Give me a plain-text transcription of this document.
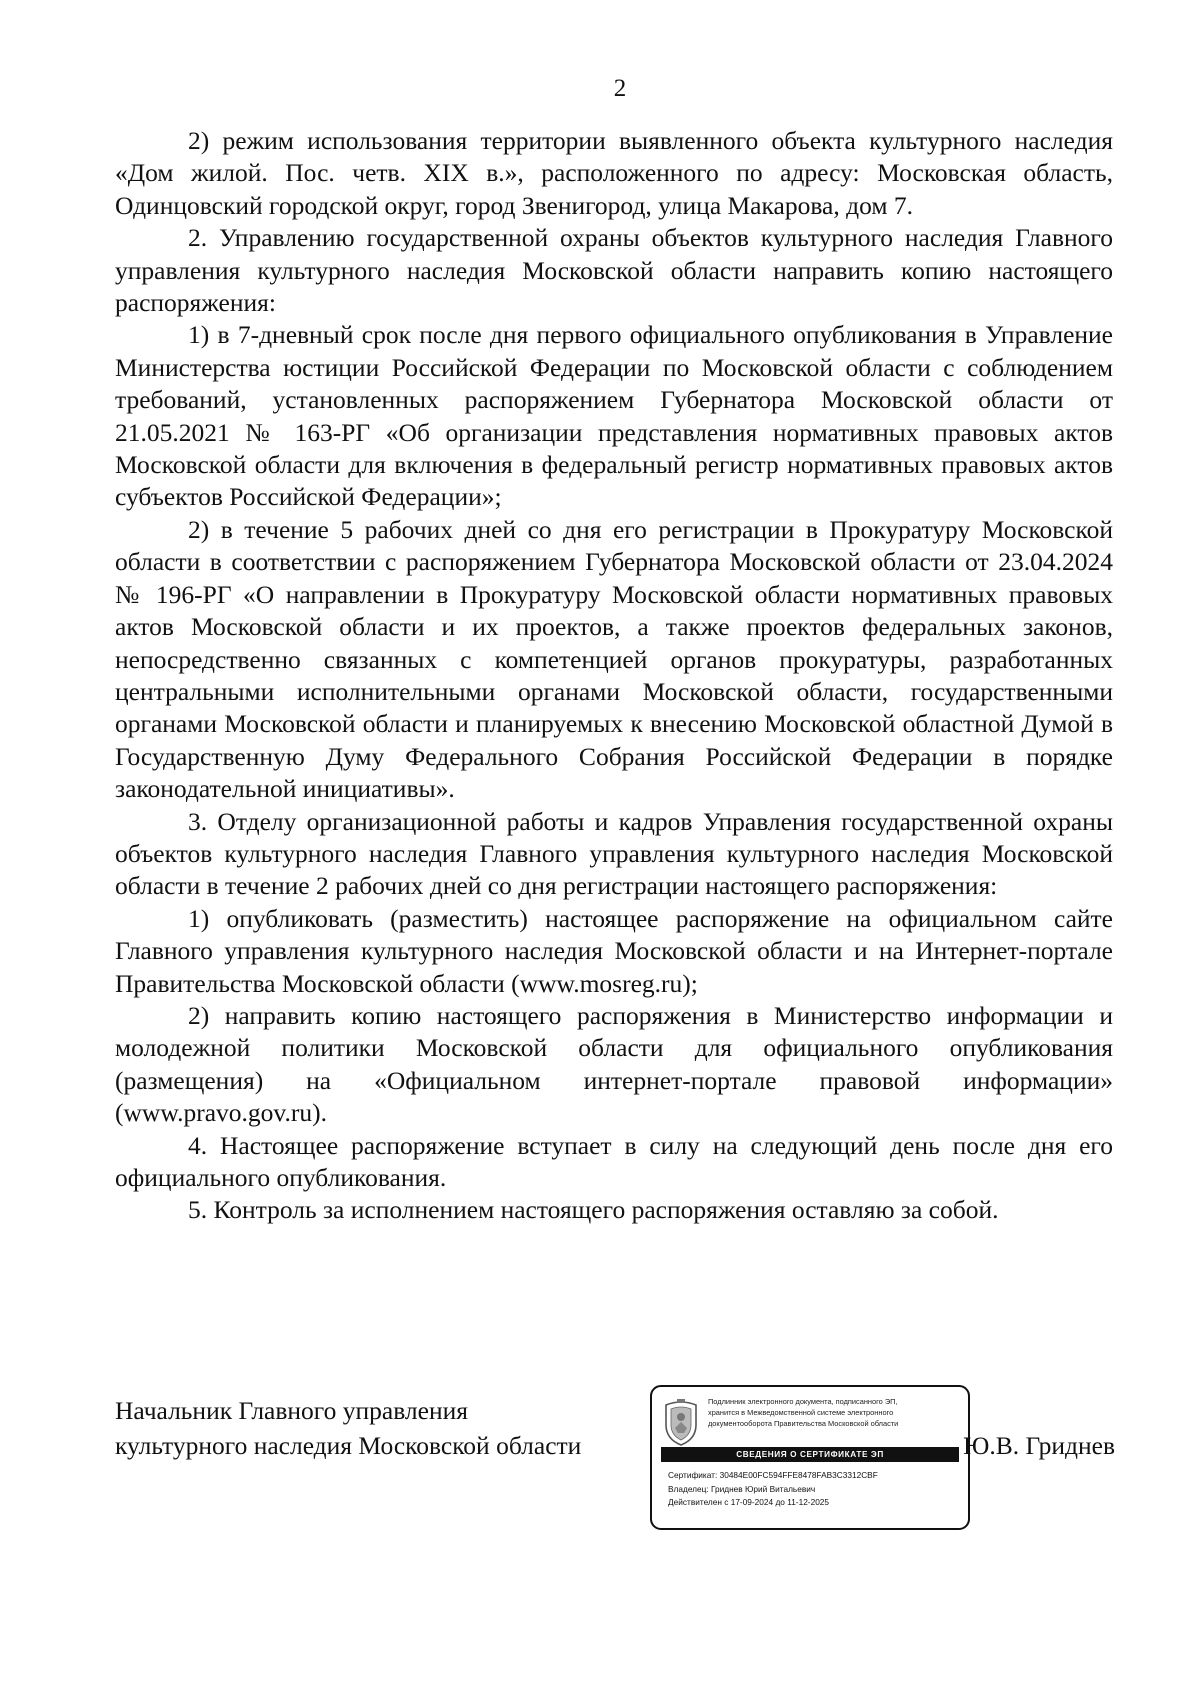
2

2) режим использования территории выявленного объекта культурного наследия «Дом жилой. Пос. четв. XIX в.», расположенного по адресу: Московская область, Одинцовский городской округ, город Звенигород, улица Макарова, дом 7.

2. Управлению государственной охраны объектов культурного наследия Главного управления культурного наследия Московской области направить копию настоящего распоряжения:

1) в 7-дневный срок после дня первого официального опубликования в Управление Министерства юстиции Российской Федерации по Московской области с соблюдением требований, установленных распоряжением Губернатора Московской области от 21.05.2021 № 163-РГ «Об организации представления нормативных правовых актов Московской области для включения в федеральный регистр нормативных правовых актов субъектов Российской Федерации»;

2) в течение 5 рабочих дней со дня его регистрации в Прокуратуру Московской области в соответствии с распоряжением Губернатора Московской области от 23.04.2024 № 196-РГ «О направлении в Прокуратуру Московской области нормативных правовых актов Московской области и их проектов, а также проектов федеральных законов, непосредственно связанных с компетенцией органов прокуратуры, разработанных центральными исполнительными органами Московской области, государственными органами Московской области и планируемых к внесению Московской областной Думой в Государственную Думу Федерального Собрания Российской Федерации в порядке законодательной инициативы».

3. Отделу организационной работы и кадров Управления государственной охраны объектов культурного наследия Главного управления культурного наследия Московской области в течение 2 рабочих дней со дня регистрации настоящего распоряжения:

1) опубликовать (разместить) настоящее распоряжение на официальном сайте Главного управления культурного наследия Московской области и на Интернет-портале Правительства Московской области (www.mosreg.ru);

2) направить копию настоящего распоряжения в Министерство информации и молодежной политики Московской области для официального опубликования (размещения) на «Официальном интернет-портале правовой информации» (www.pravo.gov.ru).

4. Настоящее распоряжение вступает в силу на следующий день после дня его официального опубликования.

5. Контроль за исполнением настоящего распоряжения оставляю за собой.

Начальник Главного управления
культурного наследия Московской области
Подлинник электронного документа, подписанного ЭП,
хранится в Межведомственной системе электронного
документооборота Правительства Московской области
СВЕДЕНИЯ О СЕРТИФИКАТЕ ЭП
Сертификат: 30484E00FC594FFE8478FAB3C3312CBF
Владелец: Гриднев Юрий Витальевич
Действителен с 17-09-2024 до 11-12-2025
Ю.В. Гриднев
